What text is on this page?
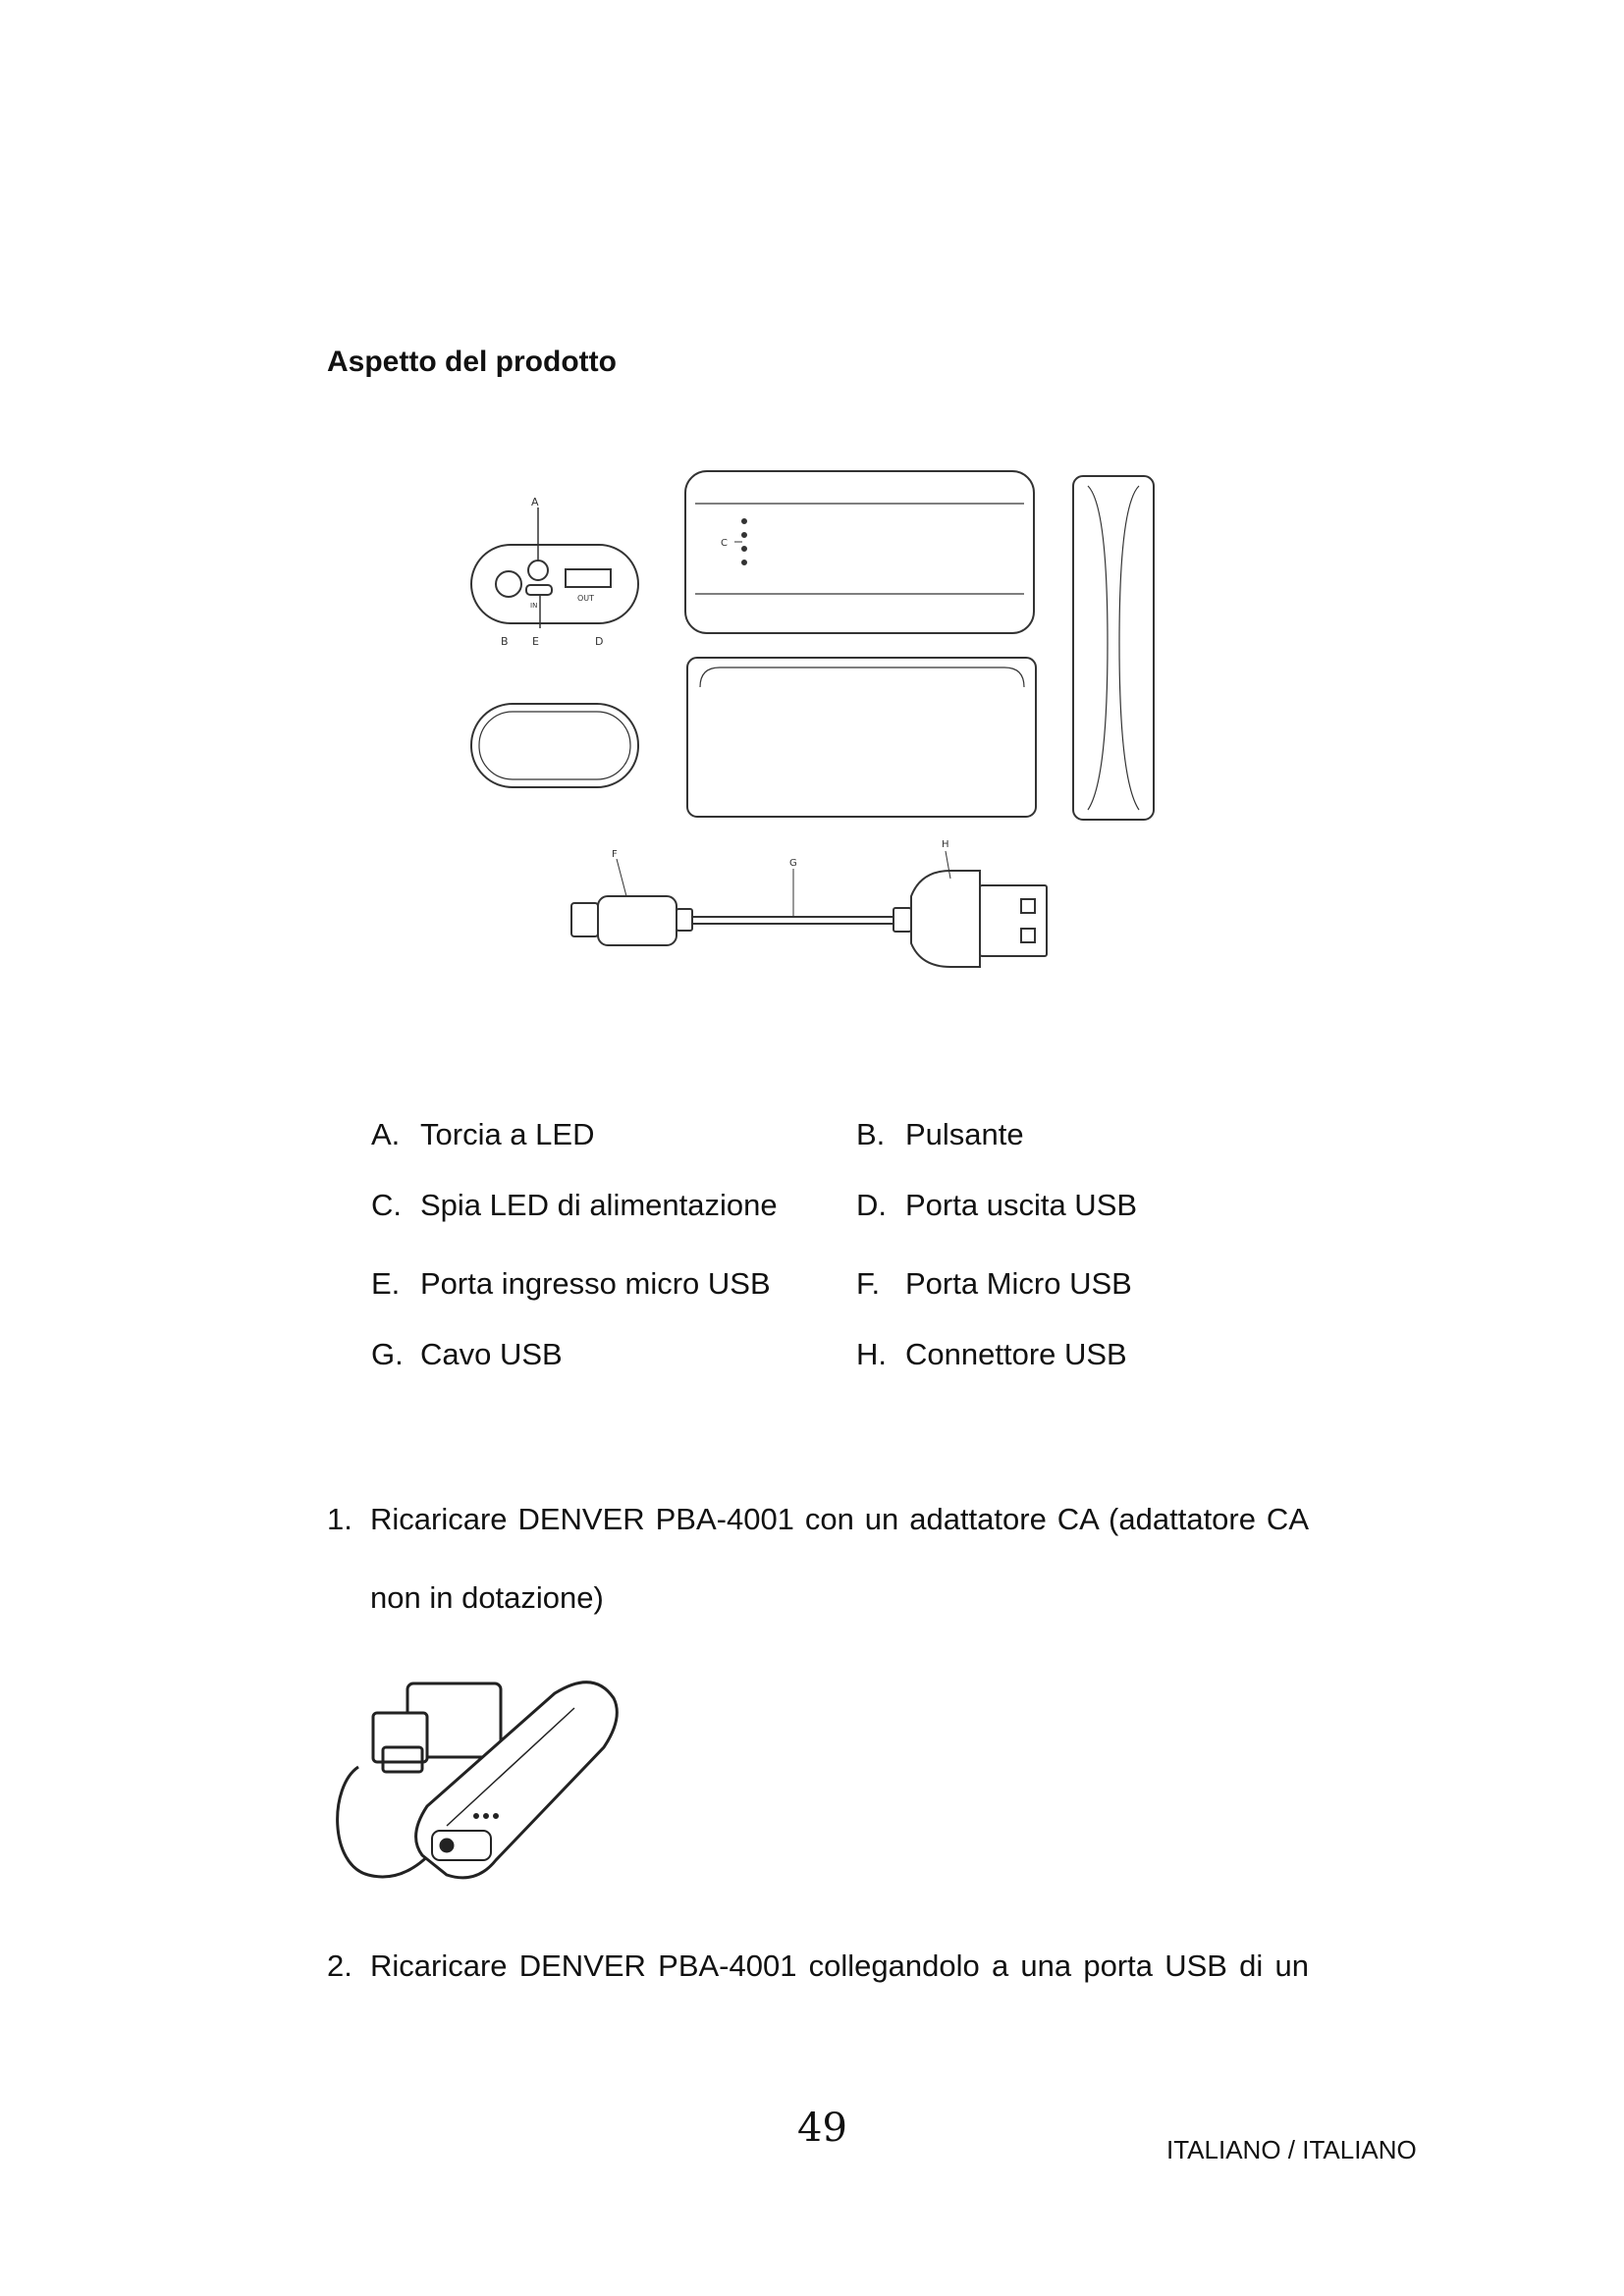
Aspetto del prodotto
A
B E	D
IN
OUT
C
F
G
H
A. Torcia a LED	B. Pulsante
C. Spia LED di alimentazione	D. Porta uscita USB
E. Porta ingresso micro USB	F. Porta Micro USB
G. Cavo USB	H. Connettore USB
1. Ricaricare DENVER PBA-4001 con un adattatore CA (adattatore CA
non in dotazione)
2. Ricaricare DENVER PBA-4001 collegandolo a una porta USB di un
49	ITALIANO / ITALIANO
